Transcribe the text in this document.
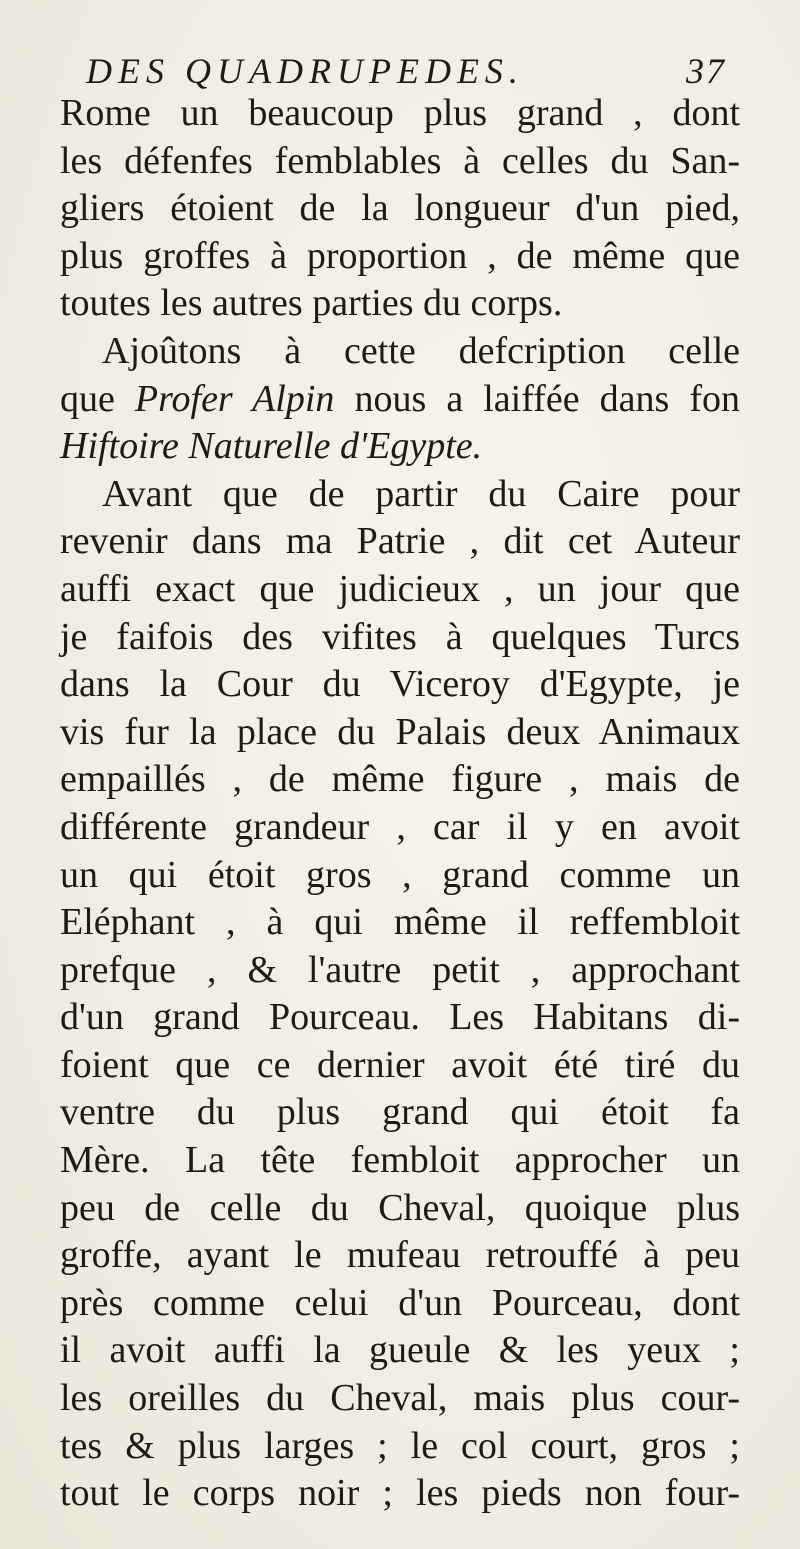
DES QUADRUPEDES.	37
Rome un beaucoup plus grand , dont
les défenfes femblables à celles du San-
gliers étoient de la longueur d'un pied,
plus groffes à proportion , de même que
toutes les autres parties du corps.
Ajoûtons à cette defcription celle
que Profer Alpin nous a laiffée dans fon
Hiftoire Naturelle d'Egypte.
Avant que de partir du Caire pour
revenir dans ma Patrie , dit cet Auteur
auffi exact que judicieux , un jour que
je faifois des vifites à quelques Turcs
dans la Cour du Viceroy d'Egypte, je
vis fur la place du Palais deux Animaux
empaillés , de même figure , mais de
différente grandeur , car il y en avoit
un qui étoit gros , grand comme un
Eléphant , à qui même il reffembloit
prefque , & l'autre petit , approchant
d'un grand Pourceau. Les Habitans di-
foient que ce dernier avoit été tiré du
ventre du plus grand qui étoit fa
Mère. La tête fembloit approcher un
peu de celle du Cheval, quoique plus
groffe, ayant le mufeau retrouffé à peu
près comme celui d'un Pourceau, dont
il avoit auffi la gueule & les yeux ;
les oreilles du Cheval, mais plus cour-
tes & plus larges ; le col court, gros ;
tout le corps noir ; les pieds non four-
